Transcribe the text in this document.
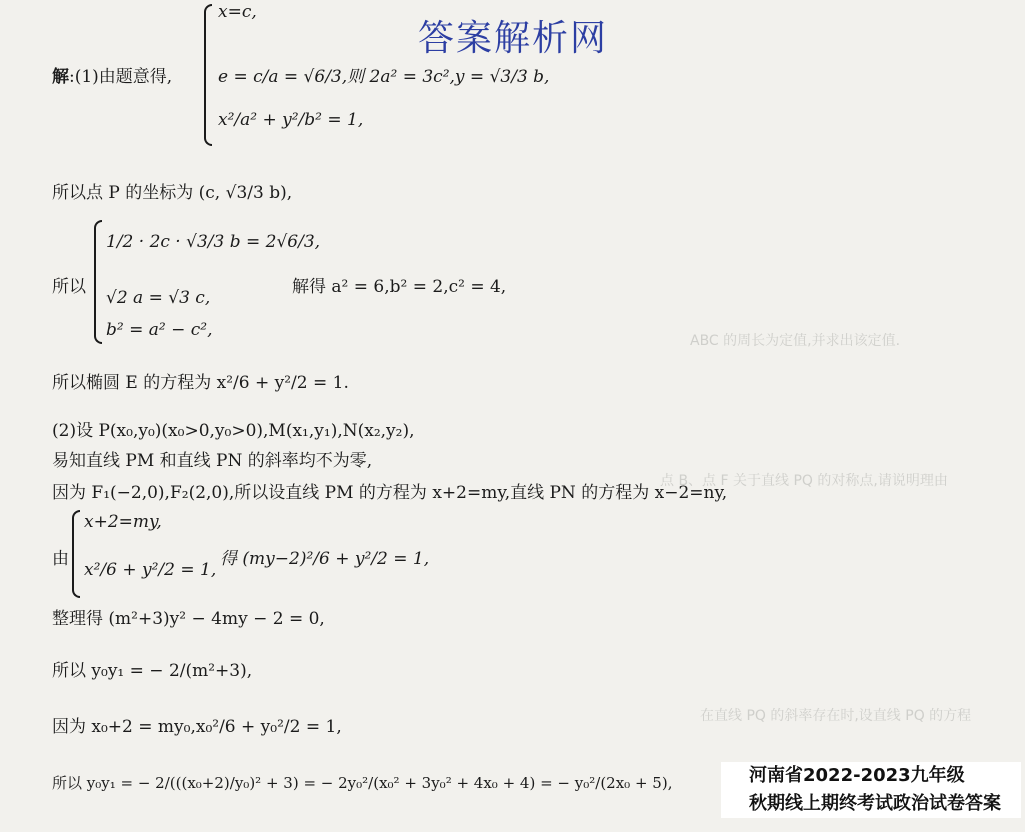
ABC 的周长为定值,并求出该定值.
点 B、点 F 关于直线 PQ 的对称点,请说明理由
在直线 PQ 的斜率存在时,设直线 PQ 的方程
答案解析网
解:(1)由题意得,
x=c,
e = c/a = √6/3,则 2a² = 3c²,y = √3/3 b,
x²/a² + y²/b² = 1,
所以点 P 的坐标为 (c, √3/3 b),
所以
1/2 · 2c · √3/3 b = 2√6/3,
√2 a = √3 c,
b² = a² − c²,
解得 a² = 6,b² = 2,c² = 4,
所以椭圆 E 的方程为 x²/6 + y²/2 = 1.
(2)设 P(x₀,y₀)(x₀>0,y₀>0),M(x₁,y₁),N(x₂,y₂),
易知直线 PM 和直线 PN 的斜率均不为零,
因为 F₁(−2,0),F₂(2,0),所以设直线 PM 的方程为 x+2=my,直线 PN 的方程为 x−2=ny,
由
x+2=my,
x²/6 + y²/2 = 1,
得 (my−2)²/6 + y²/2 = 1,
整理得 (m²+3)y² − 4my − 2 = 0,
所以 y₀y₁ = − 2/(m²+3),
因为 x₀+2 = my₀,x₀²/6 + y₀²/2 = 1,
所以 y₀y₁ = − 2/(((x₀+2)/y₀)² + 3) = − 2y₀²/(x₀² + 3y₀² + 4x₀ + 4) = − y₀²/(2x₀ + 5),	河南省2022-2023九年级
秋期线上期终考试政治试卷答案
